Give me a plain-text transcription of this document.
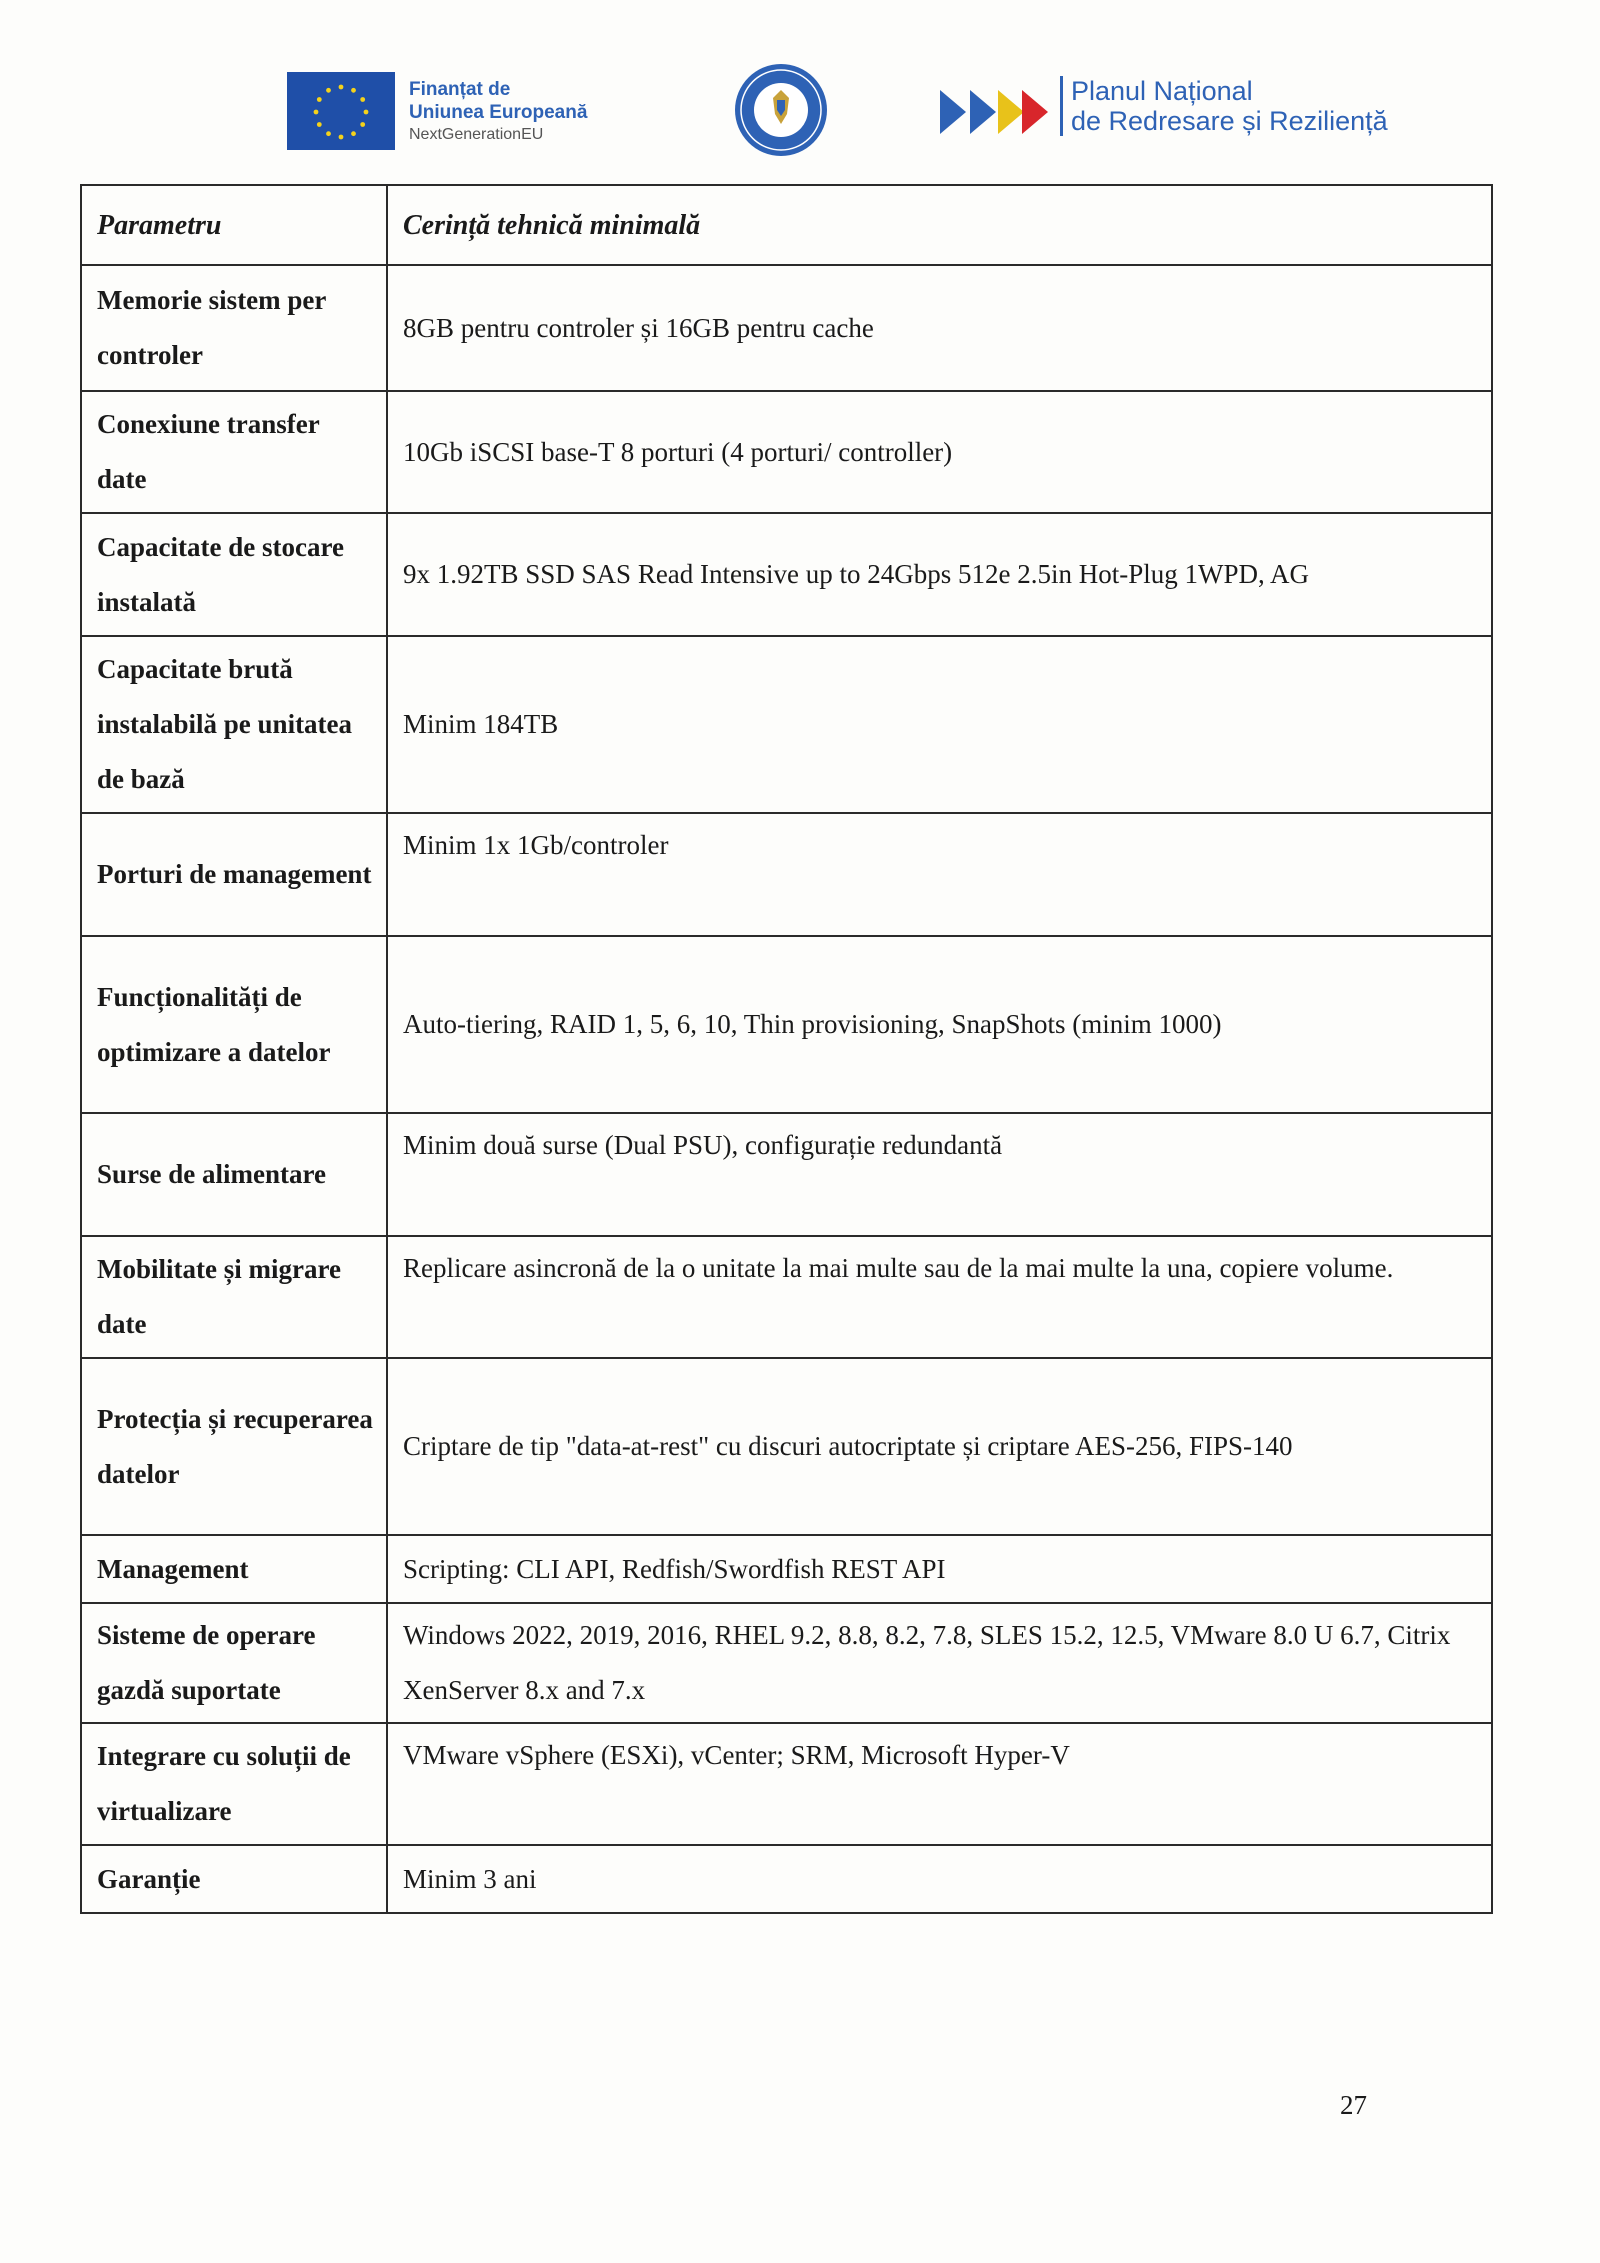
Finanțat de
Uniunea Europeană
NextGenerationEU
Planul Național
de Redresare și Reziliență
Parametru	Cerință tehnică minimală
Memorie sistem per controler	8GB pentru controler și 16GB pentru cache
Conexiune transfer date	10Gb iSCSI base-T 8 porturi (4 porturi/ controller)
Capacitate de stocare instalată	9x 1.92TB SSD SAS Read Intensive up to 24Gbps 512e 2.5in Hot-Plug 1WPD, AG
Capacitate brută instalabilă pe unitatea de bază	Minim 184TB
Porturi de management	Minim 1x 1Gb/controler
Funcționalități de optimizare a datelor	Auto-tiering, RAID 1, 5, 6, 10, Thin provisioning, SnapShots (minim 1000)
Surse de alimentare	Minim două surse (Dual PSU), configurație redundantă
Mobilitate și migrare date	Replicare asincronă de la o unitate la mai multe sau de la mai multe la una, copiere volume.
Protecția și recuperarea datelor	Criptare de tip "data-at-rest" cu discuri autocriptate și criptare AES-256, FIPS-140
Management	Scripting: CLI API, Redfish/Swordfish REST API
Sisteme de operare gazdă suportate	Windows 2022, 2019, 2016, RHEL 9.2, 8.8, 8.2, 7.8, SLES 15.2, 12.5, VMware 8.0 U 6.7, Citrix XenServer 8.x and 7.x
Integrare cu soluții de virtualizare	VMware vSphere (ESXi), vCenter; SRM, Microsoft Hyper-V
Garanție	Minim 3 ani
27
